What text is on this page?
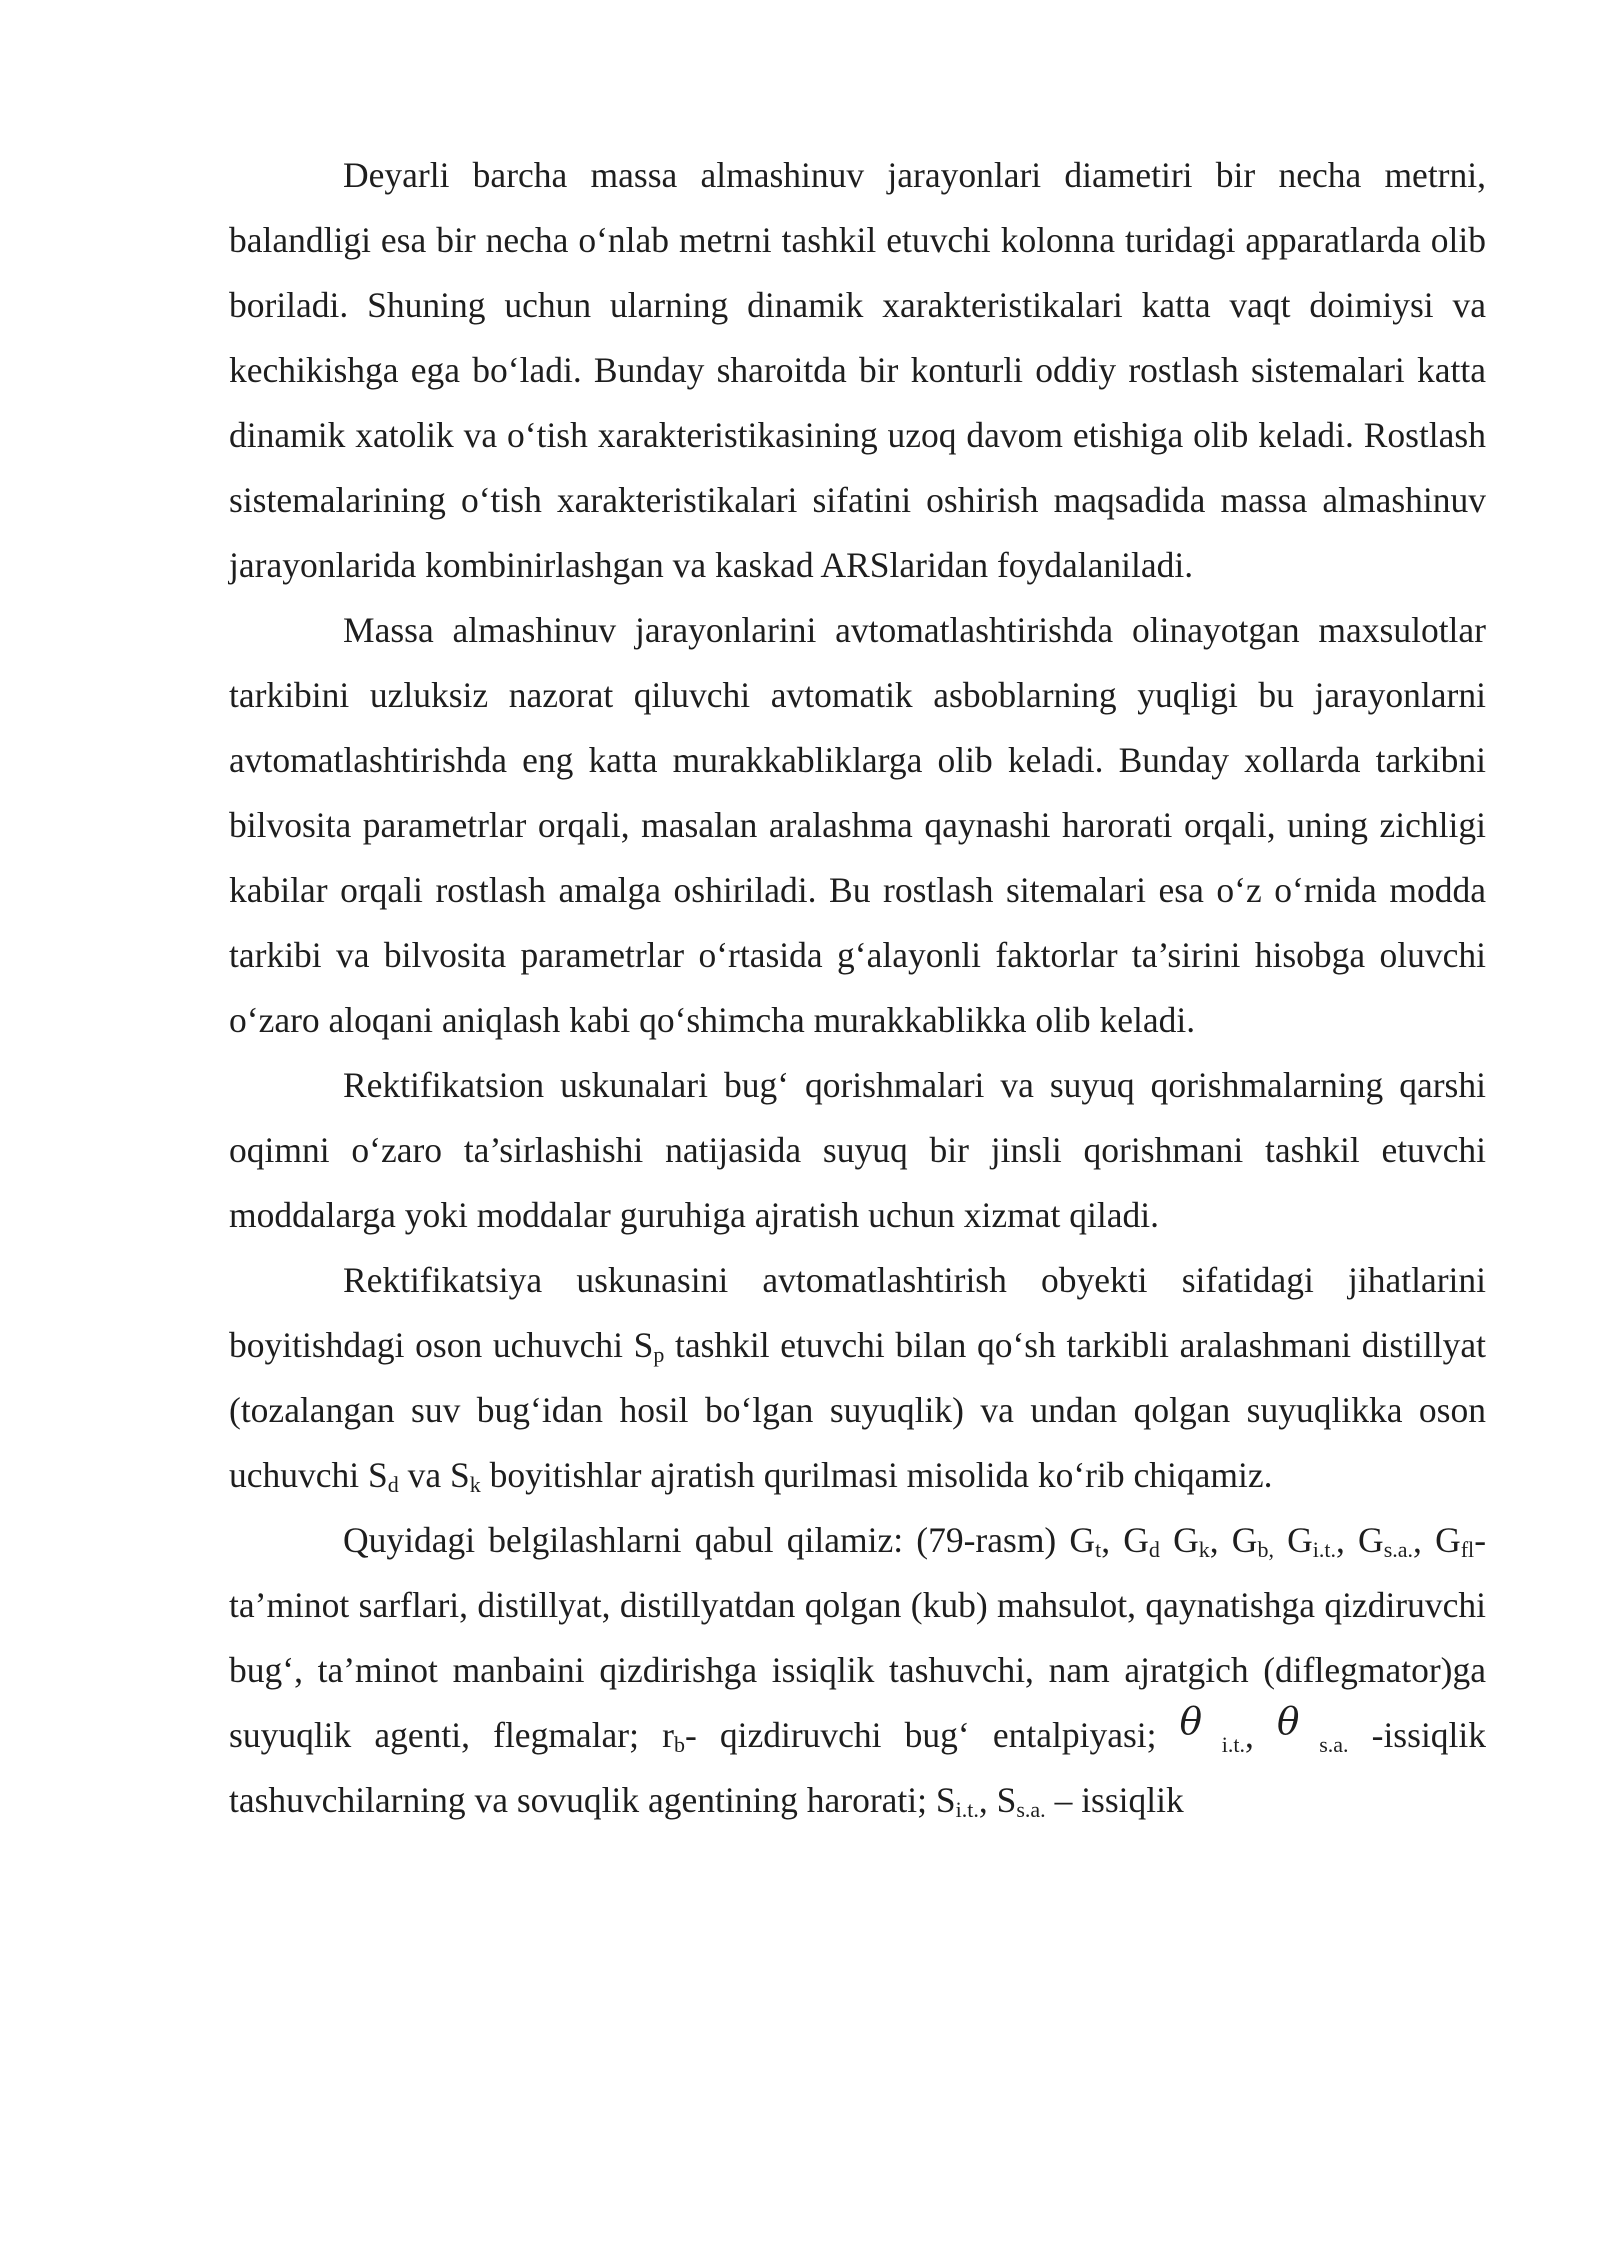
Deyarli barcha massa almashinuv jarayonlari diametiri bir necha metrni, balandligi esa bir necha o‘nlab metrni tashkil etuvchi kolonna turidagi apparatlarda olib boriladi. Shuning uchun ularning dinamik xarakteristikalari katta vaqt doimiysi va kechikishga ega bo‘ladi. Bunday sharoitda bir konturli oddiy rostlash sistemalari katta dinamik xatolik va o‘tish xarakteristikasining uzoq davom etishiga olib keladi. Rostlash sistemalarining o‘tish xarakteristikalari sifatini oshirish maqsadida massa almashinuv jarayonlarida kombinirlashgan va kaskad ARSlaridan foydalaniladi.

Massa almashinuv jarayonlarini avtomatlashtirishda olinayotgan maxsulotlar tarkibini uzluksiz nazorat qiluvchi avtomatik asboblarning yuqligi bu jarayonlarni avtomatlashtirishda eng katta murakkabliklarga olib keladi. Bunday xollarda tarkibni bilvosita parametrlar orqali, masalan aralashma qaynashi harorati orqali, uning zichligi kabilar orqali rostlash amalga oshiriladi. Bu rostlash sitemalari esa o‘z o‘rnida modda tarkibi va bilvosita parametrlar o‘rtasida g‘alayonli faktorlar ta’sirini hisobga oluvchi o‘zaro aloqani aniqlash kabi qo‘shimcha murakkablikka olib keladi.

Rektifikatsion uskunalari bug‘ qorishmalari va suyuq qorishmalarning qarshi oqimni o‘zaro ta’sirlashishi natijasida suyuq bir jinsli qorishmani tashkil etuvchi moddalarga yoki moddalar guruhiga ajratish uchun xizmat qiladi.

Rektifikatsiya uskunasini avtomatlashtirish obyekti sifatidagi jihatlarini boyitishdagi oson uchuvchi $S_p$ tashkil etuvchi bilan qo‘sh tarkibli aralashmani distillyat (tozalangan suv bug‘idan hosil bo‘lgan suyuqlik) va undan qolgan suyuqlikka oson uchuvchi $S_d$ va $S_k$ boyitishlar ajratish qurilmasi misolida ko‘rib chiqamiz.

Quyidagi belgilashlarni qabul qilamiz: (79-rasm) $G_t$, $G_d$ $G_k$, $G_{b,}$ $G_{i.t.}$, $G_{s.a.}$, $G_{fl}-$ ta’minot sarflari, distillyat, distillyatdan qolgan (kub) mahsulot, qaynatishga qizdiruvchi bug‘, ta’minot manbaini qizdirishga issiqlik tashuvchi, nam ajratgich (diflegmator)ga suyuqlik agenti, flegmalar; $r_b-$ qizdiruvchi bug‘ entalpiyasi; θ $_{i.t.}$, θ $_{s.a.}$ -issiqlik tashuvchilarning va sovuqlik agentining harorati; $S_{i.t.}$, $S_{s.a.}$ – issiqlik
